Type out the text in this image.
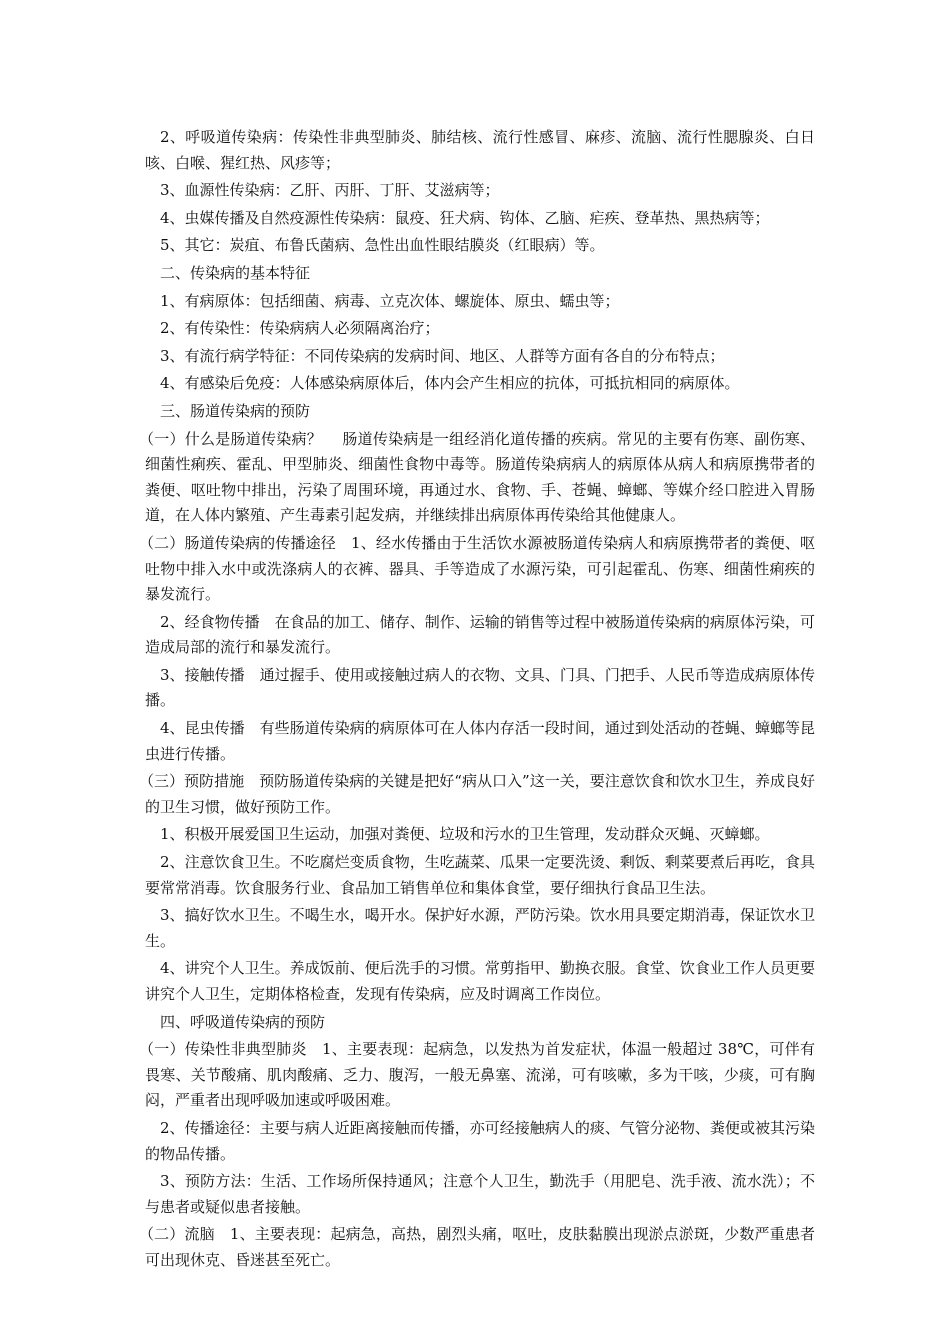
2、呼吸道传染病：传染性非典型肺炎、肺结核、流行性感冒、麻疹、流脑、流行性腮腺炎、白日咳、白喉、猩红热、风疹等；

3、血源性传染病：乙肝、丙肝、丁肝、艾滋病等；

4、虫媒传播及自然疫源性传染病：鼠疫、狂犬病、钩体、乙脑、疟疾、登革热、黑热病等；

5、其它：炭疽、布鲁氏菌病、急性出血性眼结膜炎（红眼病）等。

二、传染病的基本特征

1、有病原体：包括细菌、病毒、立克次体、螺旋体、原虫、蠕虫等；

2、有传染性：传染病病人必须隔离治疗；

3、有流行病学特征：不同传染病的发病时间、地区、人群等方面有各自的分布特点；

4、有感染后免疫：人体感染病原体后，体内会产生相应的抗体，可抵抗相同的病原体。

三、肠道传染病的预防

（一）什么是肠道传染病？　 肠道传染病是一组经消化道传播的疾病。常见的主要有伤寒、副伤寒、细菌性痢疾、霍乱、甲型肺炎、细菌性食物中毒等。肠道传染病病人的病原体从病人和病原携带者的粪便、呕吐物中排出，污染了周围环境，再通过水、食物、手、苍蝇、蟑螂、等媒介经口腔进入胃肠道，在人体内繁殖、产生毒素引起发病，并继续排出病原体再传染给其他健康人。

（二）肠道传染病的传播途径　1、经水传播由于生活饮水源被肠道传染病人和病原携带者的粪便、呕吐物中排入水中或洗涤病人的衣裤、器具、手等造成了水源污染，可引起霍乱、伤寒、细菌性痢疾的暴发流行。

2、经食物传播　在食品的加工、储存、制作、运输的销售等过程中被肠道传染病的病原体污染，可造成局部的流行和暴发流行。

3、接触传播　通过握手、使用或接触过病人的衣物、文具、门具、门把手、人民币等造成病原体传播。

4、昆虫传播　有些肠道传染病的病原体可在人体内存活一段时间，通过到处活动的苍蝇、蟑螂等昆虫进行传播。

（三）预防措施　预防肠道传染病的关键是把好“病从口入”这一关，要注意饮食和饮水卫生，养成良好的卫生习惯，做好预防工作。

1、积极开展爱国卫生运动，加强对粪便、垃圾和污水的卫生管理，发动群众灭蝇、灭蟑螂。

2、注意饮食卫生。不吃腐烂变质食物，生吃蔬菜、瓜果一定要洗烫、剩饭、剩菜要煮后再吃，食具要常常消毒。饮食服务行业、食品加工销售单位和集体食堂，要仔细执行食品卫生法。

3、搞好饮水卫生。不喝生水，喝开水。保护好水源，严防污染。饮水用具要定期消毒，保证饮水卫生。

4、讲究个人卫生。养成饭前、便后洗手的习惯。常剪指甲、勤换衣服。食堂、饮食业工作人员更要讲究个人卫生，定期体格检查，发现有传染病，应及时调离工作岗位。

四、呼吸道传染病的预防

（一）传染性非典型肺炎　1、主要表现：起病急，以发热为首发症状，体温一般超过 38℃，可伴有畏寒、关节酸痛、肌肉酸痛、乏力、腹泻，一般无鼻塞、流涕，可有咳嗽，多为干咳，少痰，可有胸闷，严重者出现呼吸加速或呼吸困难。

2、传播途径：主要与病人近距离接触而传播，亦可经接触病人的痰、气管分泌物、粪便或被其污染的物品传播。

3、预防方法：生活、工作场所保持通风；注意个人卫生，勤洗手（用肥皂、洗手液、流水洗）；不与患者或疑似患者接触。

（二）流脑　1、主要表现：起病急，高热，剧烈头痛，呕吐，皮肤黏膜出现淤点淤斑，少数严重患者可出现休克、昏迷甚至死亡。
